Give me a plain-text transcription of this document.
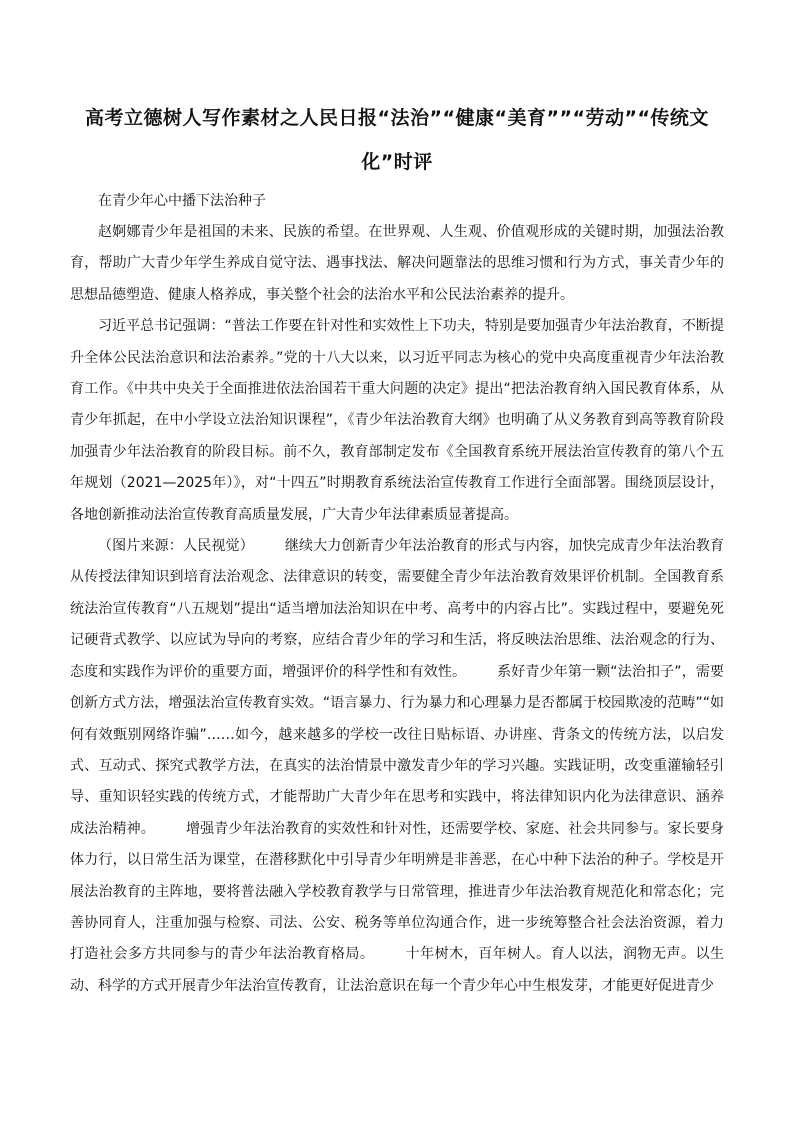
高考立德树人写作素材之人民日报“法治”“健康“美育””“劳动”“传统文化”时评

在青少年心中播下法治种子

赵婀娜青少年是祖国的未来、民族的希望。在世界观、人生观、价值观形成的关键时期，加强法治教育，帮助广大青少年学生养成自觉守法、遇事找法、解决问题靠法的思维习惯和行为方式，事关青少年的思想品德塑造、健康人格养成，事关整个社会的法治水平和公民法治素养的提升。

习近平总书记强调：“普法工作要在针对性和实效性上下功夫，特别是要加强青少年法治教育，不断提升全体公民法治意识和法治素养。”党的十八大以来，以习近平同志为核心的党中央高度重视青少年法治教育工作。《中共中央关于全面推进依法治国若干重大问题的决定》提出“把法治教育纳入国民教育体系，从青少年抓起，在中小学设立法治知识课程”，《青少年法治教育大纲》也明确了从义务教育到高等教育阶段加强青少年法治教育的阶段目标。前不久，教育部制定发布《全国教育系统开展法治宣传教育的第八个五年规划（2021—2025年）》，对“十四五”时期教育系统法治宣传教育工作进行全面部署。围绕顶层设计，各地创新推动法治宣传教育高质量发展，广大青少年法律素质显著提高。

（图片来源：人民视觉） 继续大力创新青少年法治教育的形式与内容，加快完成青少年法治教育从传授法律知识到培育法治观念、法律意识的转变，需要健全青少年法治教育效果评价机制。全国教育系统法治宣传教育“八五规划”提出“适当增加法治知识在中考、高考中的内容占比”。实践过程中，要避免死记硬背式教学、以应试为导向的考察，应结合青少年的学习和生活，将反映法治思维、法治观念的行为、态度和实践作为评价的重要方面，增强评价的科学性和有效性。 系好青少年第一颗“法治扣子”，需要创新方式方法，增强法治宣传教育实效。“语言暴力、行为暴力和心理暴力是否都属于校园欺凌的范畴”“如何有效甄别网络诈骗”……如今，越来越多的学校一改往日贴标语、办讲座、背条文的传统方法，以启发式、互动式、探究式教学方法，在真实的法治情景中激发青少年的学习兴趣。实践证明，改变重灌输轻引导、重知识轻实践的传统方式，才能帮助广大青少年在思考和实践中，将法律知识内化为法律意识、涵养成法治精神。 增强青少年法治教育的实效性和针对性，还需要学校、家庭、社会共同参与。家长要身体力行，以日常生活为课堂，在潜移默化中引导青少年明辨是非善恶，在心中种下法治的种子。学校是开展法治教育的主阵地，要将普法融入学校教育教学与日常管理，推进青少年法治教育规范化和常态化；完善协同育人，注重加强与检察、司法、公安、税务等单位沟通合作，进一步统筹整合社会法治资源，着力打造社会多方共同参与的青少年法治教育格局。 十年树木，百年树人。育人以法，润物无声。以生动、科学的方式开展青少年法治宣传教育，让法治意识在每一个青少年心中生根发芽，才能更好促进青少
